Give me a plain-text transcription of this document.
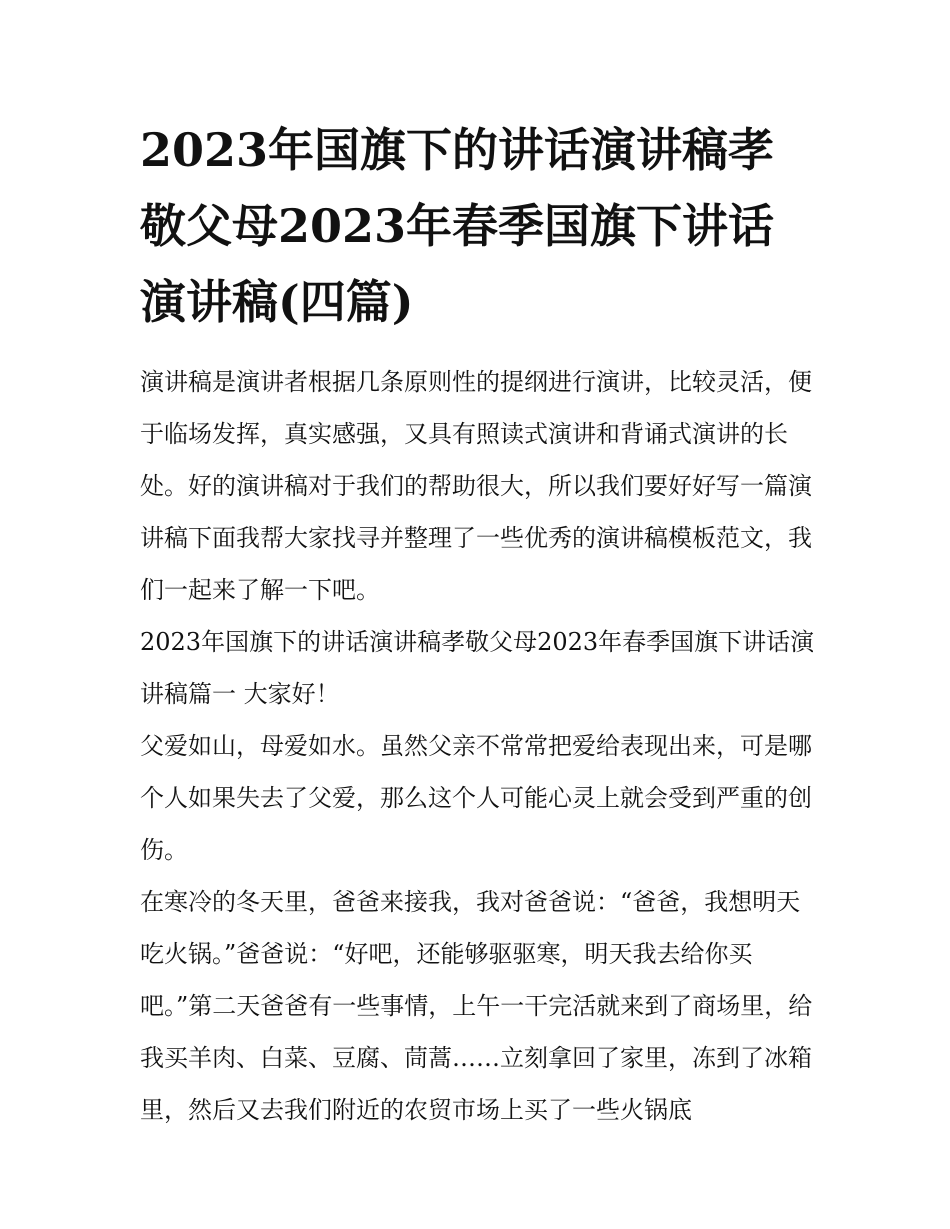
2023年国旗下的讲话演讲稿孝敬父母2023年春季国旗下讲话演讲稿(四篇)

演讲稿是演讲者根据几条原则性的提纲进行演讲，比较灵活，便于临场发挥，真实感强，又具有照读式演讲和背诵式演讲的长处。好的演讲稿对于我们的帮助很大，所以我们要好好写一篇演讲稿下面我帮大家找寻并整理了一些优秀的演讲稿模板范文，我们一起来了解一下吧。

2023年国旗下的讲话演讲稿孝敬父母2023年春季国旗下讲话演讲稿篇一 大家好！

父爱如山，母爱如水。虽然父亲不常常把爱给表现出来，可是哪个人如果失去了父爱，那么这个人可能心灵上就会受到严重的创伤。

在寒冷的冬天里，爸爸来接我，我对爸爸说：“爸爸，我想明天吃火锅。”爸爸说：“好吧，还能够驱驱寒，明天我去给你买吧。”第二天爸爸有一些事情，上午一干完活就来到了商场里，给我买羊肉、白菜、豆腐、茼蒿……立刻拿回了家里，冻到了冰箱里，然后又去我们附近的农贸市场上买了一些火锅底
